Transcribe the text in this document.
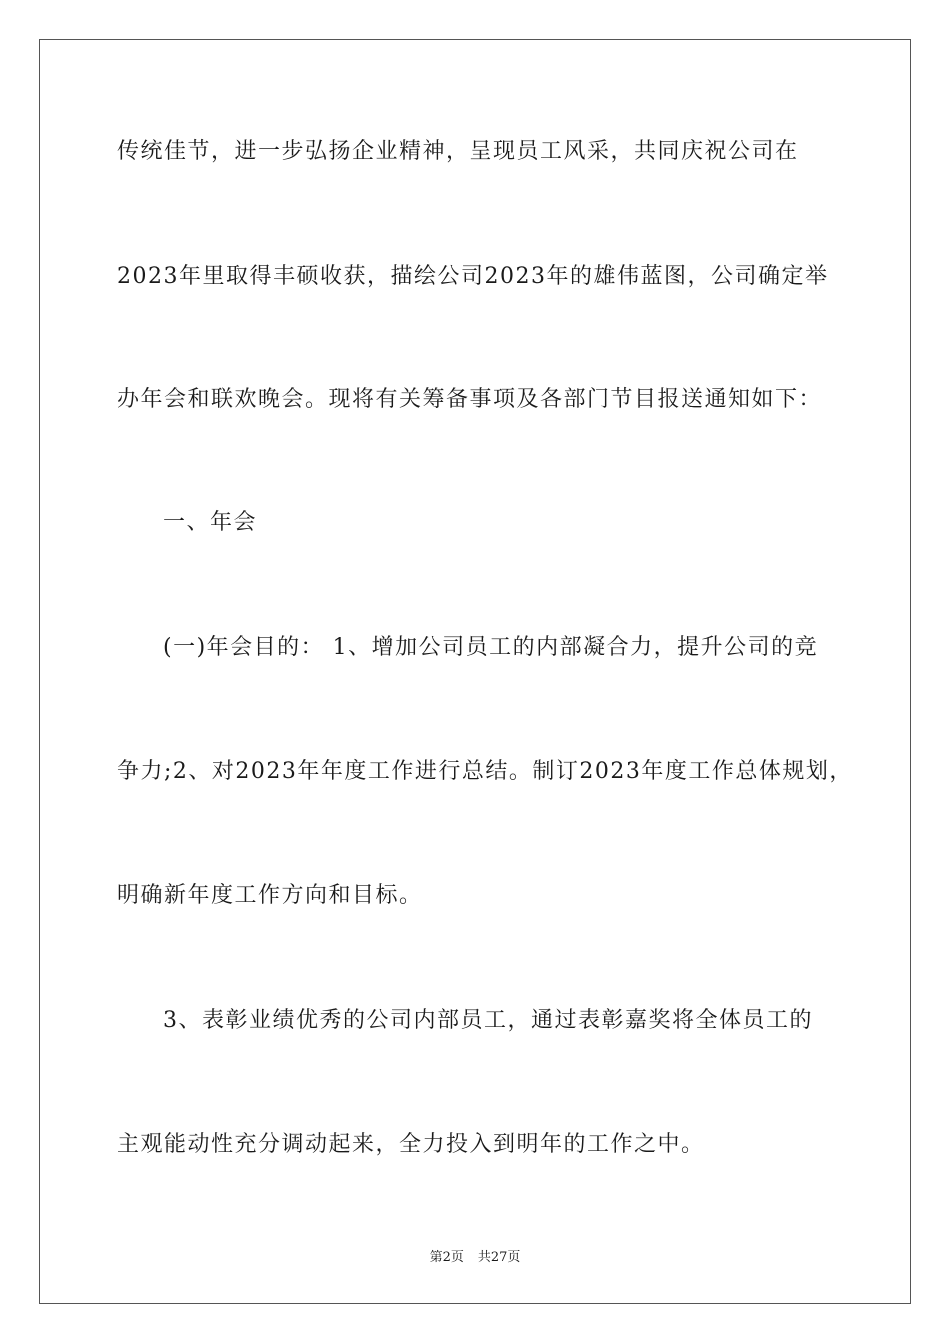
传统佳节，进一步弘扬企业精神，呈现员工风采，共同庆祝公司在
2023年里取得丰硕收获，描绘公司2023年的雄伟蓝图，公司确定举
办年会和联欢晚会。现将有关筹备事项及各部门节目报送通知如下：
一、年会
(一)年会目的： 1、增加公司员工的内部凝合力，提升公司的竞
争力;2、对2023年年度工作进行总结。制订2023年度工作总体规划，
明确新年度工作方向和目标。
3、表彰业绩优秀的公司内部员工，通过表彰嘉奖将全体员工的
主观能动性充分调动起来，全力投入到明年的工作之中。
第2页 共27页
